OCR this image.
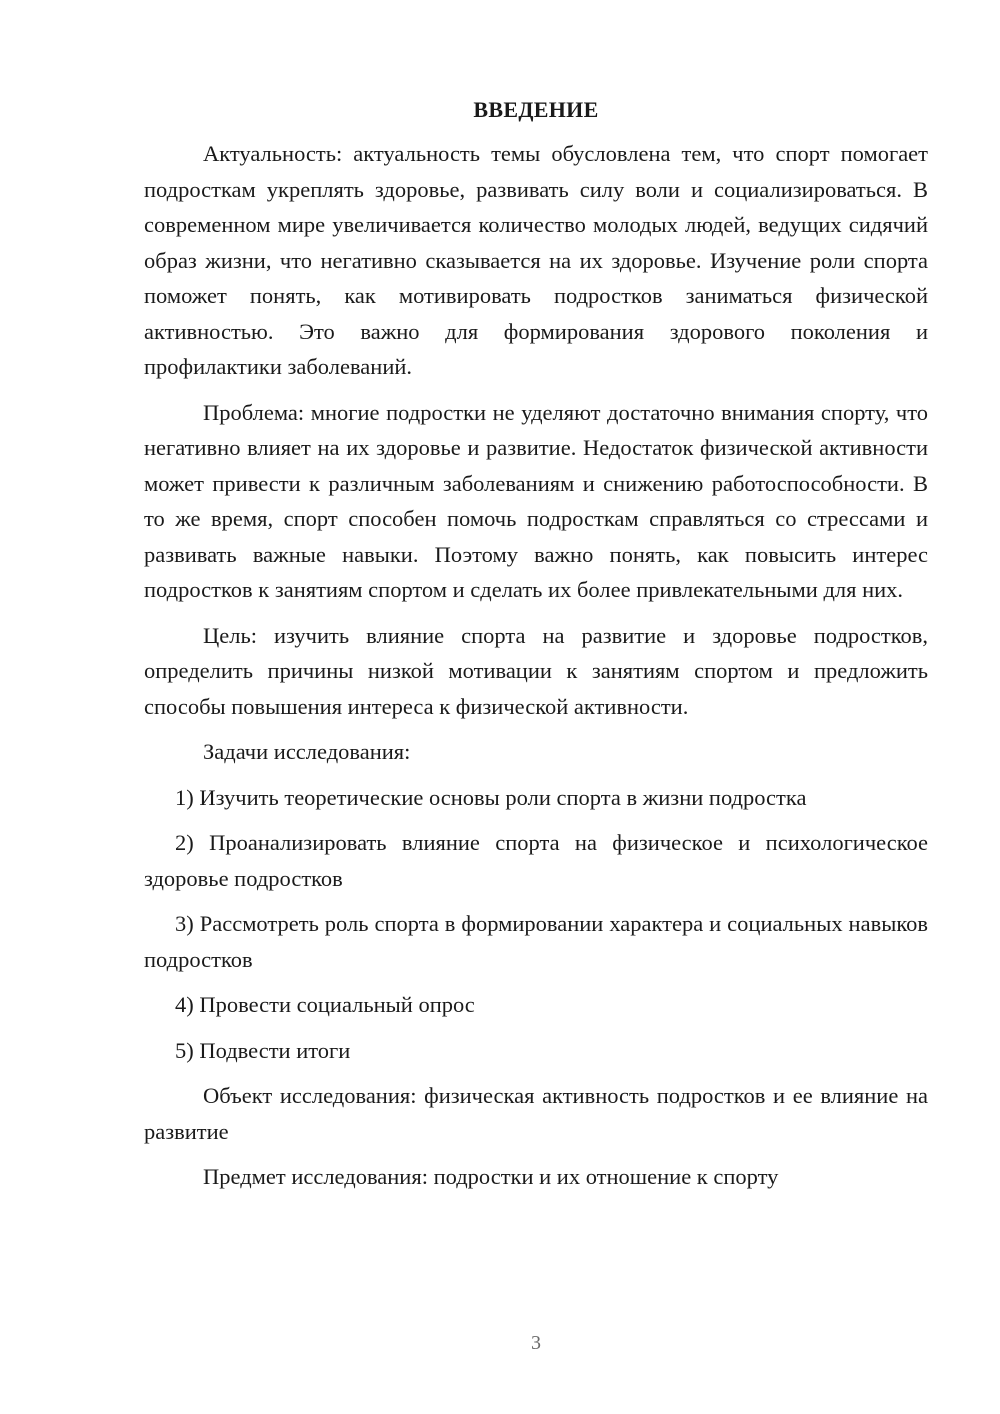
ВВЕДЕНИЕ

Актуальность: актуальность темы обусловлена тем, что спорт помогает подросткам укреплять здоровье, развивать силу воли и социализироваться. В современном мире увеличивается количество молодых людей, ведущих сидячий образ жизни, что негативно сказывается на их здоровье. Изучение роли спорта поможет понять, как мотивировать подростков заниматься физической активностью. Это важно для формирования здорового поколения и профилактики заболеваний.

Проблема: многие подростки не уделяют достаточно внимания спорту, что негативно влияет на их здоровье и развитие. Недостаток физической активности может привести к различным заболеваниям и снижению работоспособности. В то же время, спорт способен помочь подросткам справляться со стрессами и развивать важные навыки. Поэтому важно понять, как повысить интерес подростков к занятиям спортом и сделать их более привлекательными для них.

Цель: изучить влияние спорта на развитие и здоровье подростков, определить причины низкой мотивации к занятиям спортом и предложить способы повышения интереса к физической активности.

Задачи исследования:

1) Изучить теоретические основы роли спорта в жизни подростка

2) Проанализировать влияние спорта на физическое и психологическое здоровье подростков

3) Рассмотреть роль спорта в формировании характера и социальных навыков подростков

4) Провести социальный опрос

5) Подвести итоги

Объект исследования: физическая активность подростков и ее влияние на развитие

Предмет исследования: подростки и их отношение к спорту

3
